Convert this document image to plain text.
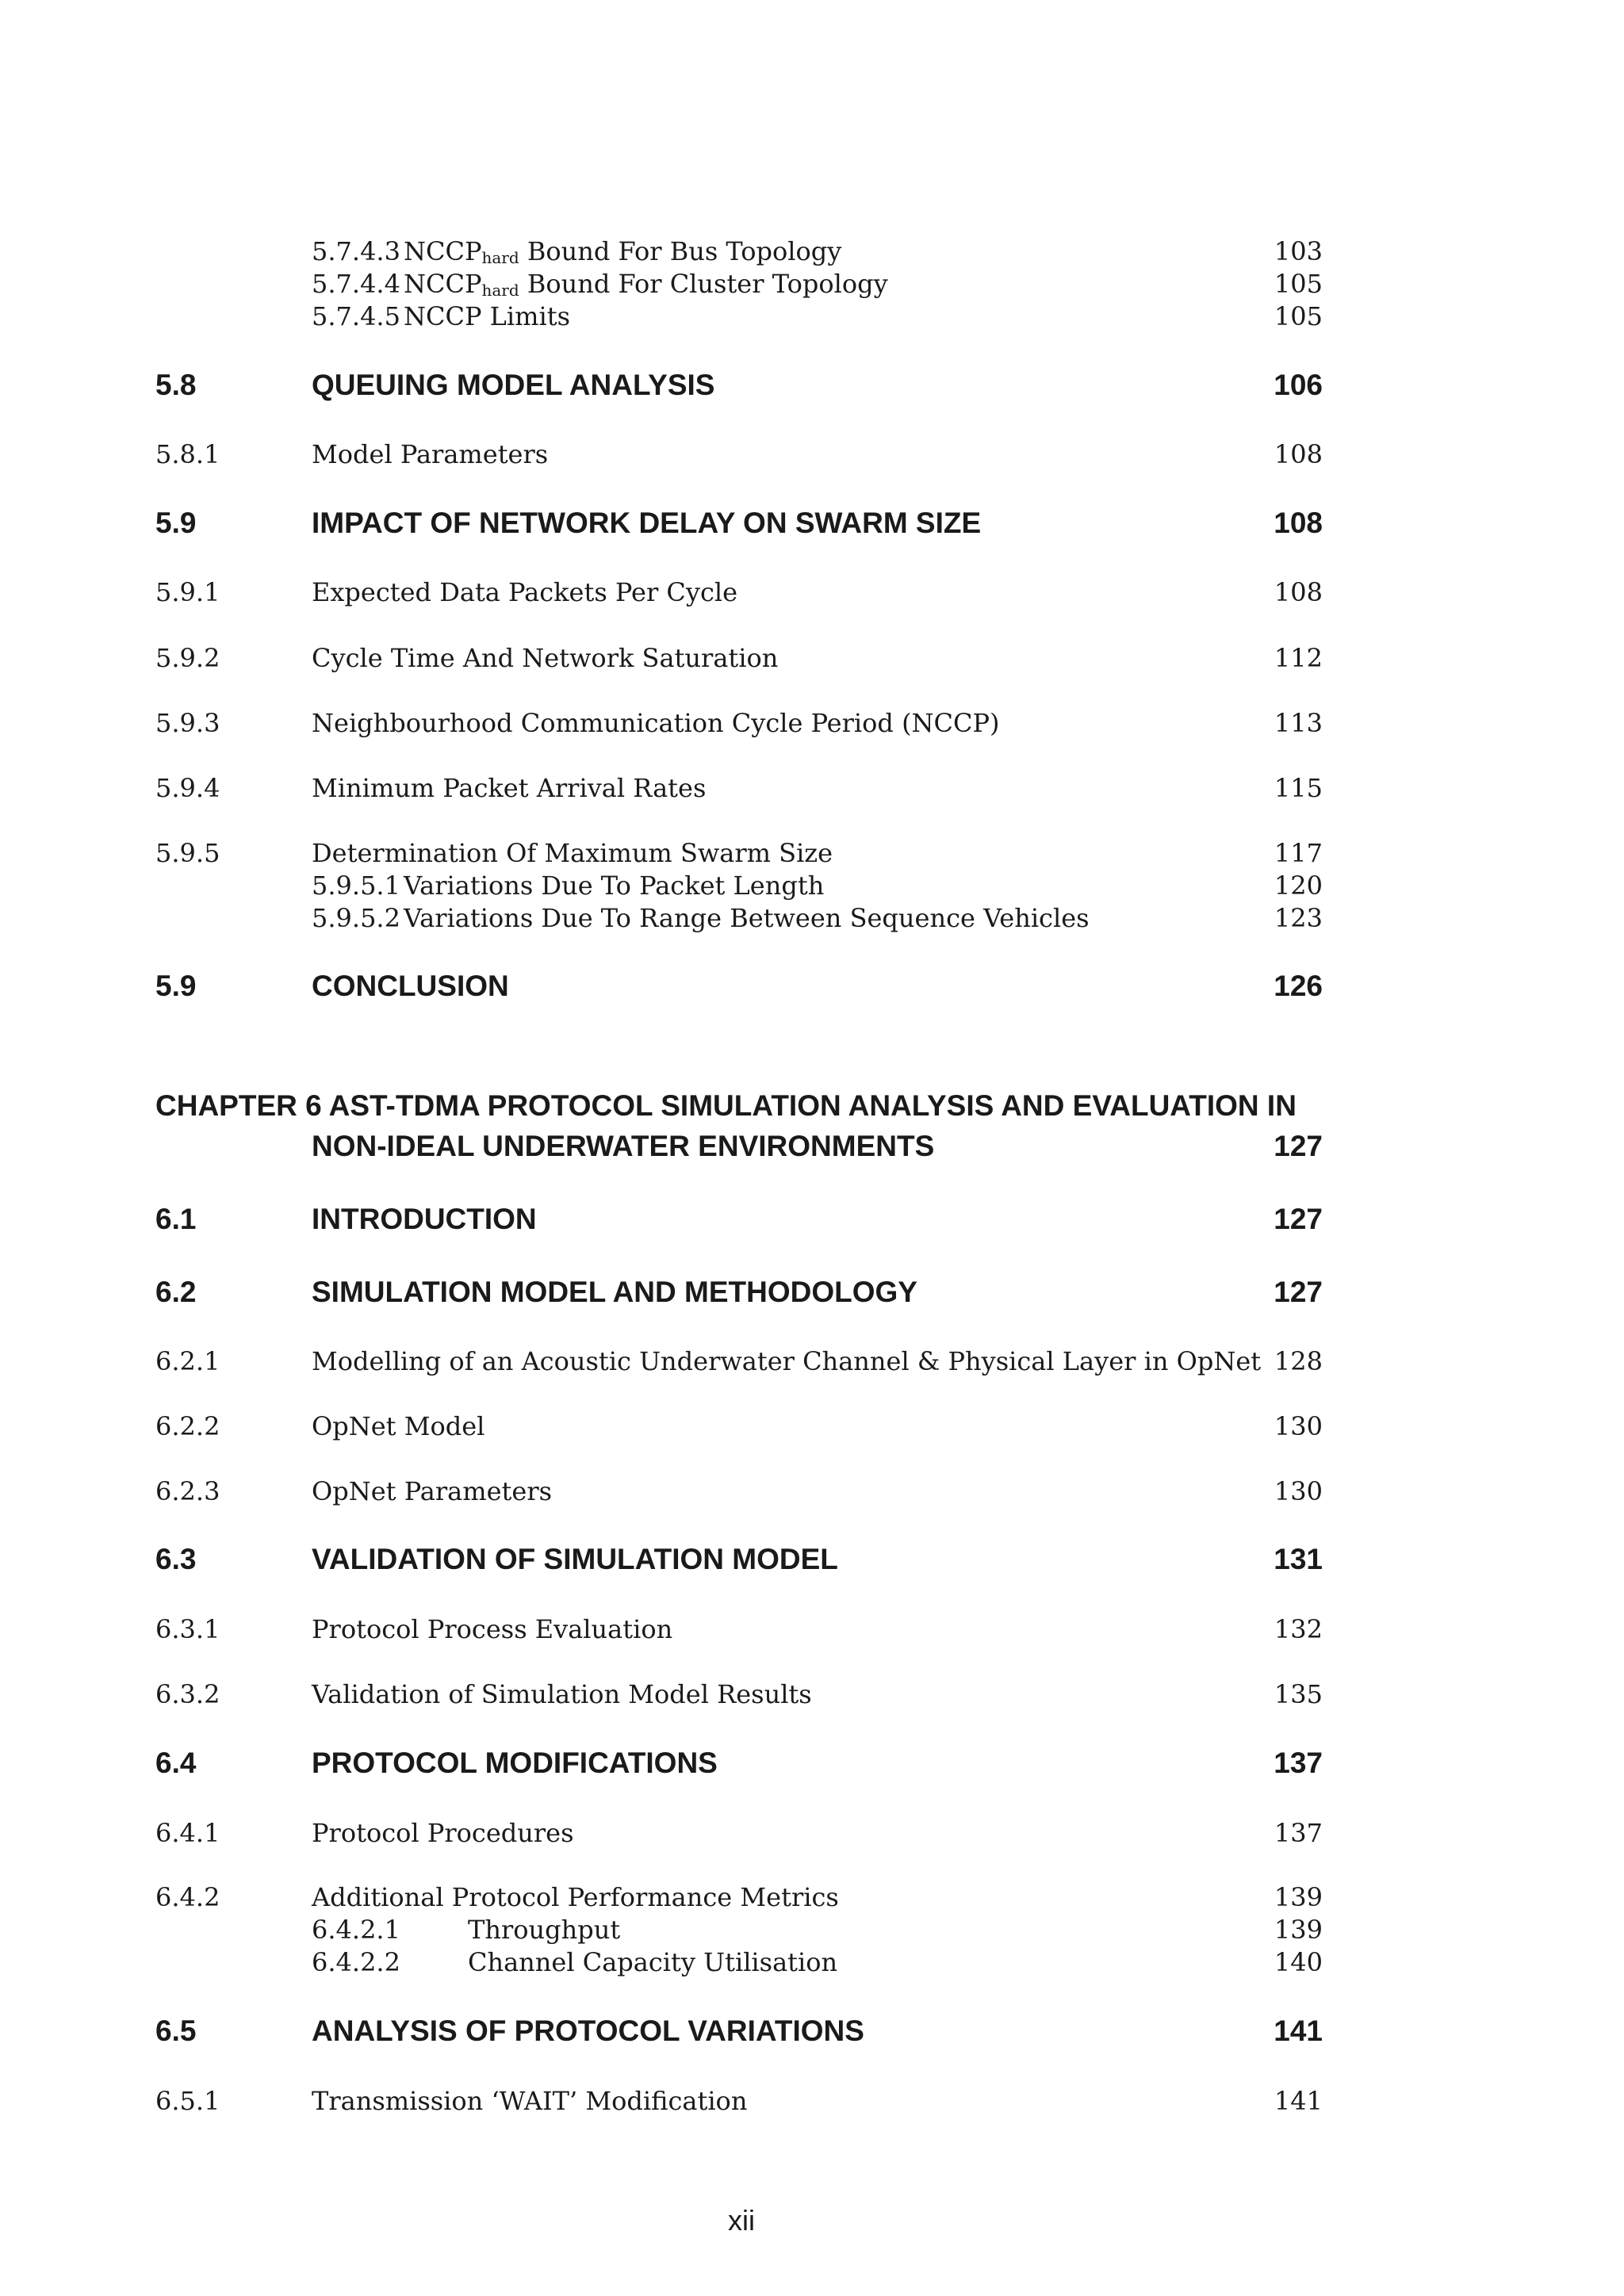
5.7.4.3 $NCCP_{hard}$ Bound For Bus Topology	103
5.7.4.4 $NCCP_{hard}$ Bound For Cluster Topology	105
5.7.4.5 NCCP Limits	105
5.8	QUEUING MODEL ANALYSIS	106
5.8.1	Model Parameters	108
5.9	IMPACT OF NETWORK DELAY ON SWARM SIZE	108
5.9.1	Expected Data Packets Per Cycle	108
5.9.2	Cycle Time And Network Saturation	112
5.9.3	Neighbourhood Communication Cycle Period (NCCP)	113
5.9.4	Minimum Packet Arrival Rates	115
5.9.5	Determination Of Maximum Swarm Size	117
5.9.5.1 Variations Due To Packet Length	120
5.9.5.2 Variations Due To Range Between Sequence Vehicles	123
5.9	CONCLUSION	126
CHAPTER 6 AST-TDMA PROTOCOL SIMULATION ANALYSIS AND EVALUATION IN
NON-IDEAL UNDERWATER ENVIRONMENTS	127
6.1	INTRODUCTION	127
6.2	SIMULATION MODEL AND METHODOLOGY	127
6.2.1	Modelling of an Acoustic Underwater Channel & Physical Layer in OpNet 128
6.2.2	OpNet Model	130
6.2.3	OpNet Parameters	130
6.3	VALIDATION OF SIMULATION MODEL	131
6.3.1	Protocol Process Evaluation	132
6.3.2	Validation of Simulation Model Results	135
6.4	PROTOCOL MODIFICATIONS	137
6.4.1	Protocol Procedures	137
6.4.2	Additional Protocol Performance Metrics	139
6.4.2.1	Throughput	139
6.4.2.2	Channel Capacity Utilisation	140
6.5	ANALYSIS OF PROTOCOL VARIATIONS	141
6.5.1	Transmission ‘WAIT’ Modification	141
xii
